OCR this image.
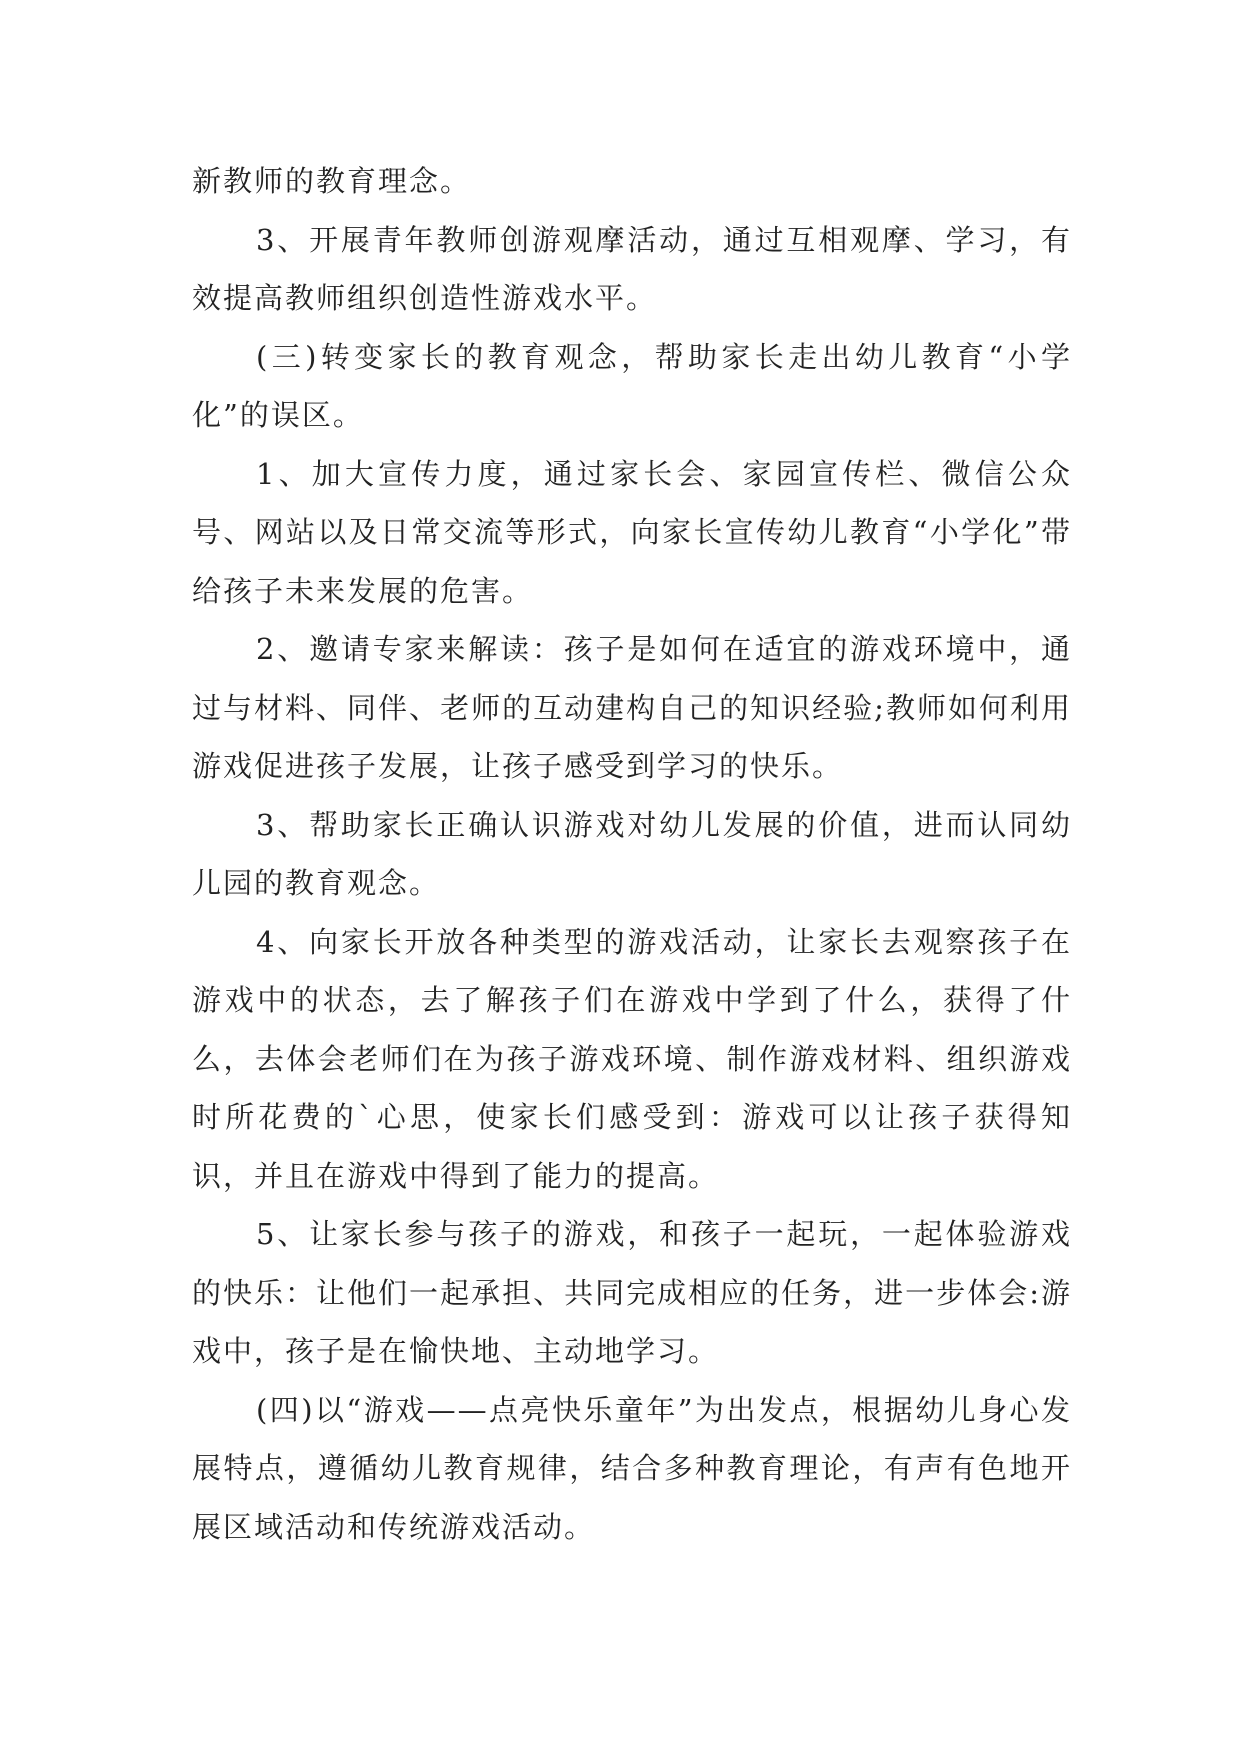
新教师的教育理念。

3、开展青年教师创游观摩活动，通过互相观摩、学习，有效提高教师组织创造性游戏水平。

(三)转变家长的教育观念，帮助家长走出幼儿教育“小学化”的误区。

1、加大宣传力度，通过家长会、家园宣传栏、微信公众号、网站以及日常交流等形式，向家长宣传幼儿教育“小学化”带给孩子未来发展的危害。

2、邀请专家来解读：孩子是如何在适宜的游戏环境中，通过与材料、同伴、老师的互动建构自己的知识经验;教师如何利用游戏促进孩子发展，让孩子感受到学习的快乐。

3、帮助家长正确认识游戏对幼儿发展的价值，进而认同幼儿园的教育观念。

4、向家长开放各种类型的游戏活动，让家长去观察孩子在游戏中的状态，去了解孩子们在游戏中学到了什么，获得了什么，去体会老师们在为孩子游戏环境、制作游戏材料、组织游戏时所花费的`心思，使家长们感受到：游戏可以让孩子获得知识，并且在游戏中得到了能力的提高。

5、让家长参与孩子的游戏，和孩子一起玩，一起体验游戏的快乐：让他们一起承担、共同完成相应的任务，进一步体会:游戏中，孩子是在愉快地、主动地学习。

(四)以“游戏——点亮快乐童年”为出发点，根据幼儿身心发展特点，遵循幼儿教育规律，结合多种教育理论，有声有色地开展区域活动和传统游戏活动。
